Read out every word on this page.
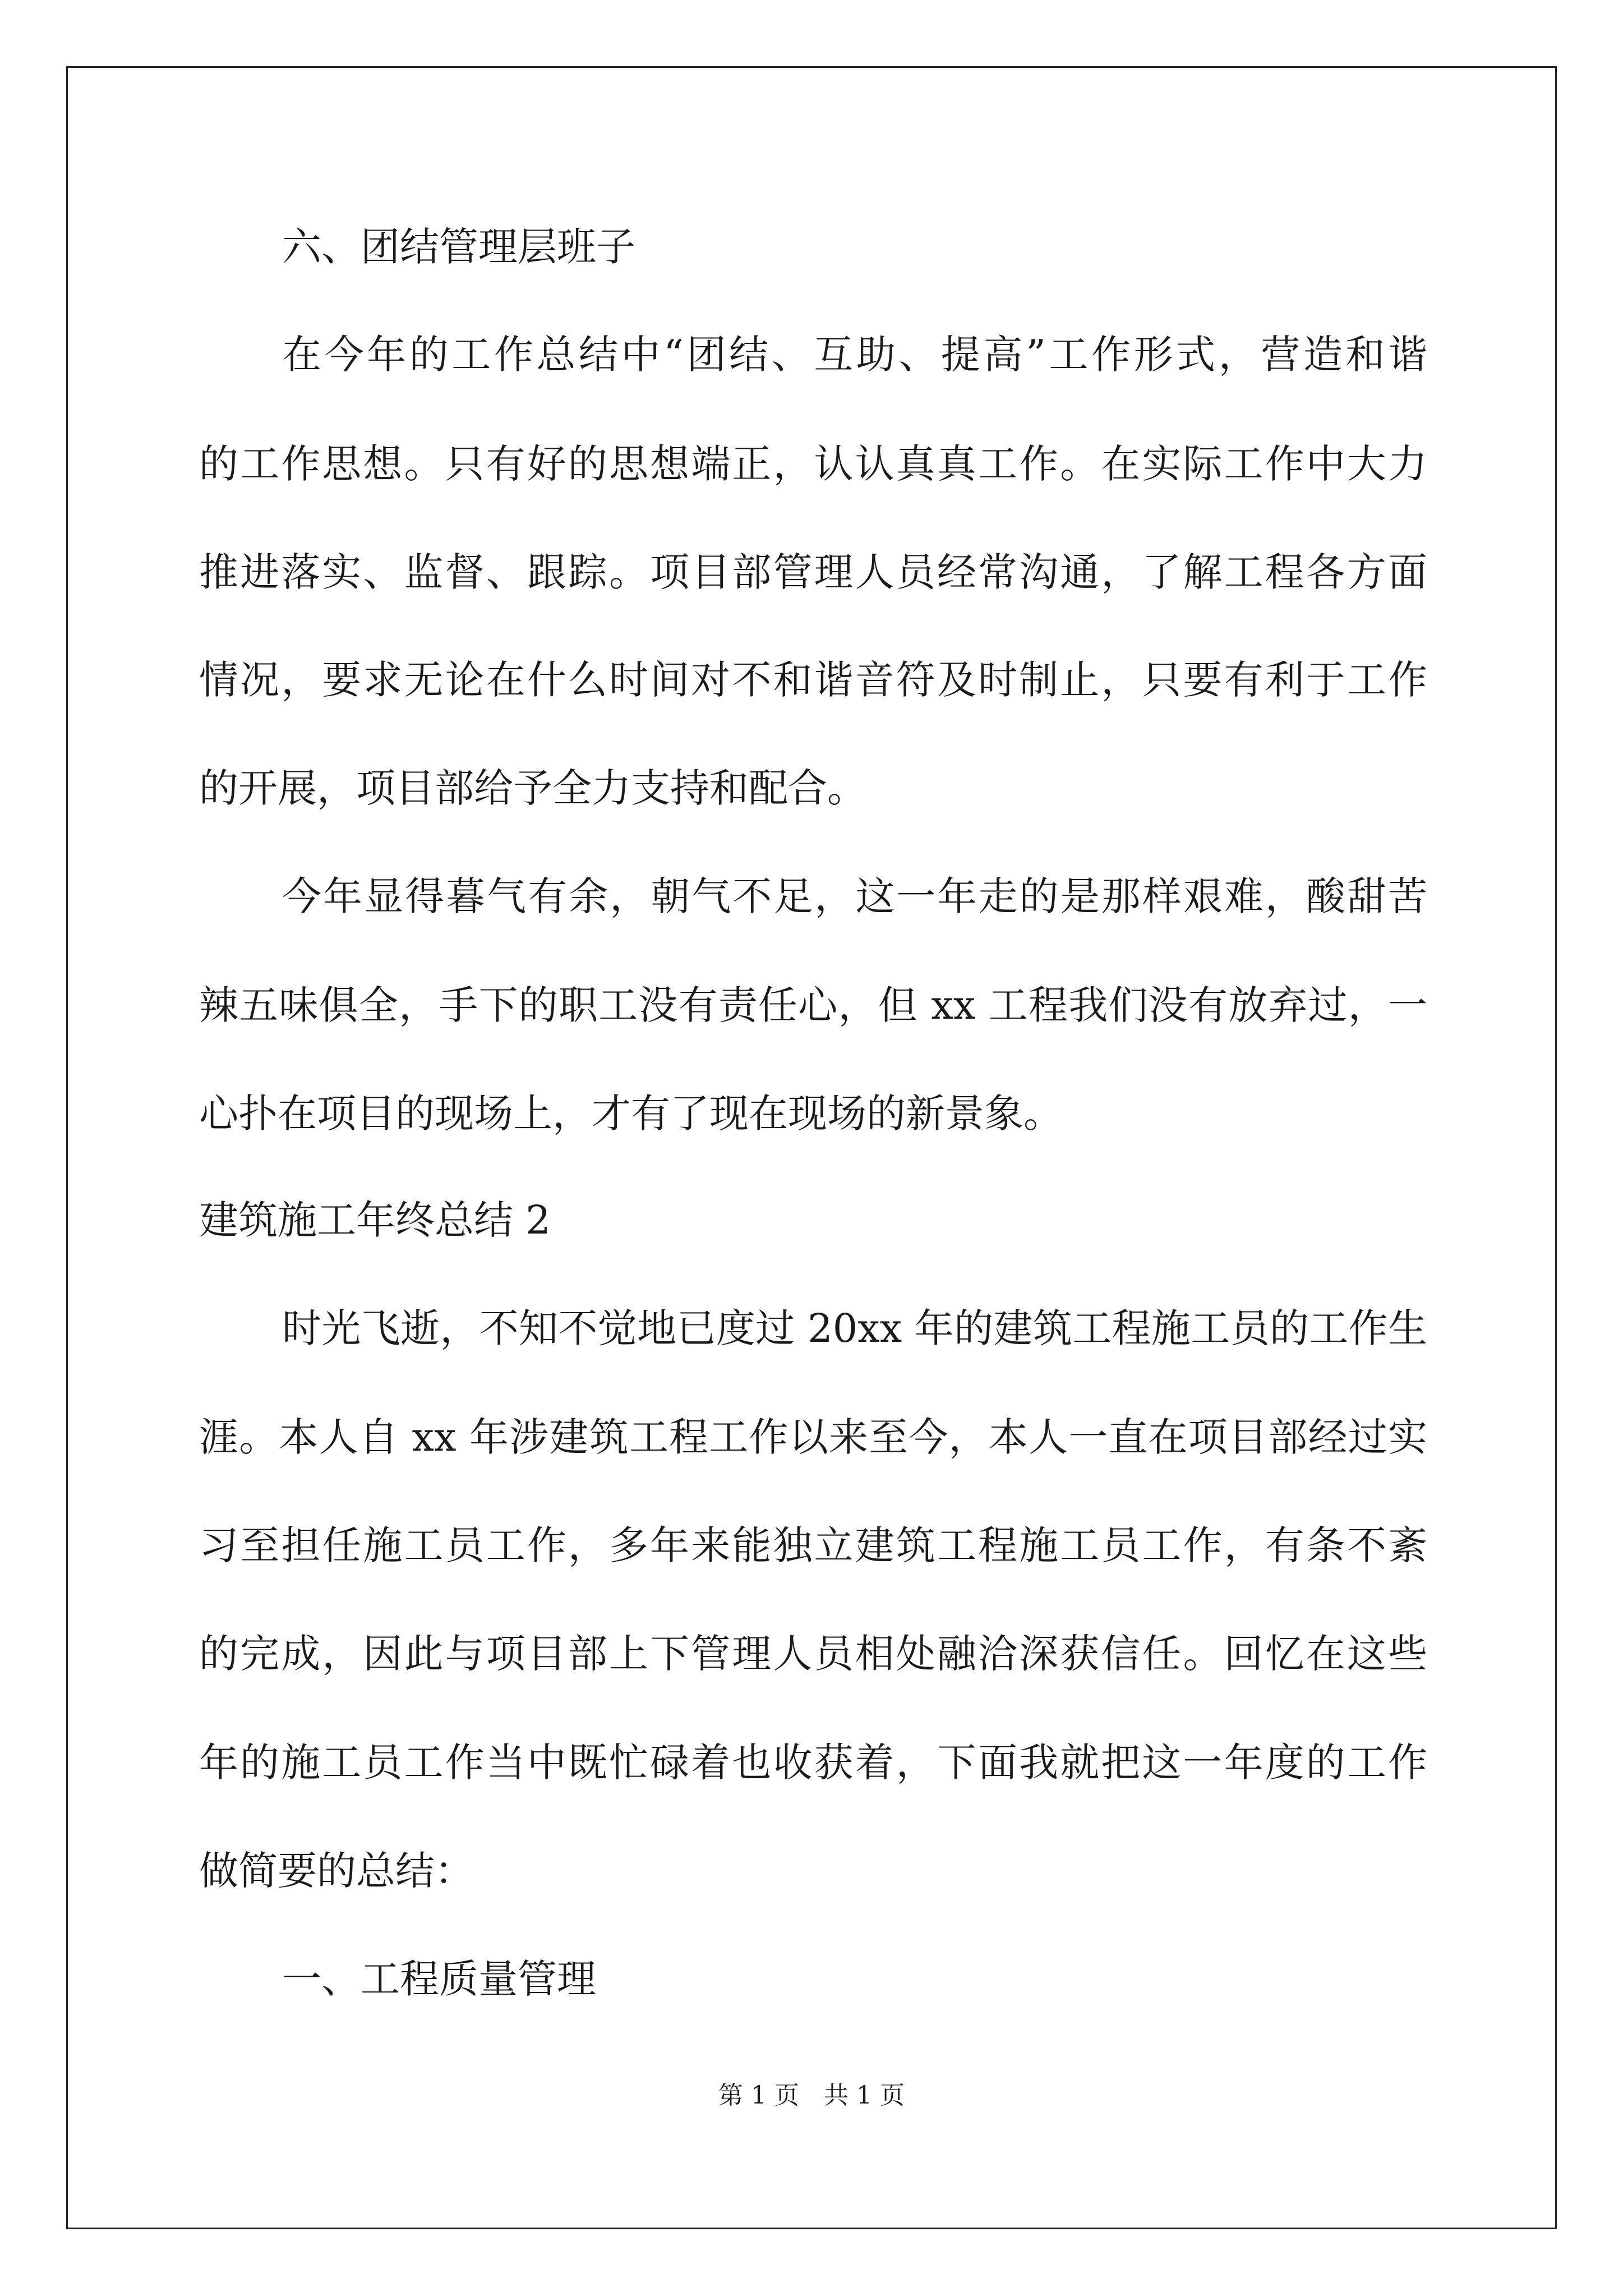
六、团结管理层班子
在今年的工作总结中“团结、互助、提高”工作形式，营造和谐
的工作思想。只有好的思想端正，认认真真工作。在实际工作中大力
推进落实、监督、跟踪。项目部管理人员经常沟通，了解工程各方面
情况，要求无论在什么时间对不和谐音符及时制止，只要有利于工作
的开展，项目部给予全力支持和配合。
今年显得暮气有余，朝气不足，这一年走的是那样艰难，酸甜苦
辣五味俱全，手下的职工没有责任心，但 xx 工程我们没有放弃过，一
心扑在项目的现场上，才有了现在现场的新景象。
建筑施工年终总结 2
时光飞逝，不知不觉地已度过 20xx 年的建筑工程施工员的工作生
涯。本人自 xx 年涉建筑工程工作以来至今，本人一直在项目部经过实
习至担任施工员工作，多年来能独立建筑工程施工员工作，有条不紊
的完成，因此与项目部上下管理人员相处融洽深获信任。回忆在这些
年的施工员工作当中既忙碌着也收获着，下面我就把这一年度的工作
做简要的总结：
一、工程质量管理
第 1 页　共 1 页
